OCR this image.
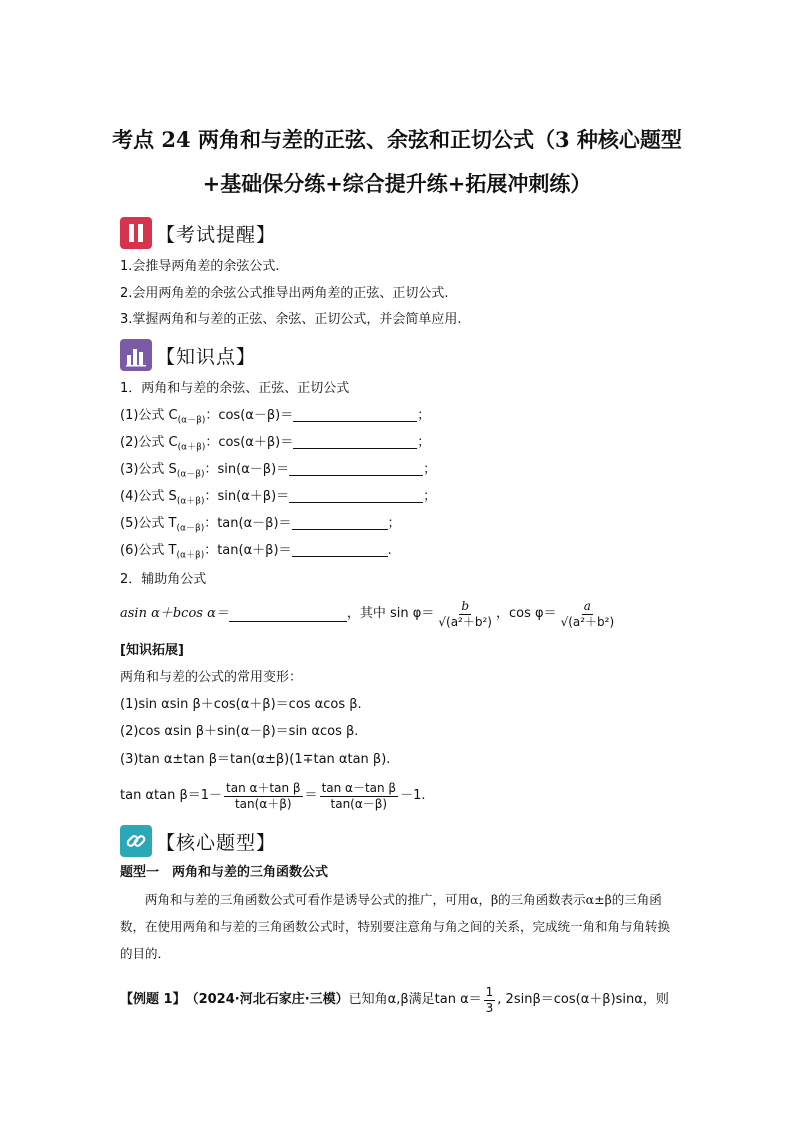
考点 24 两角和与差的正弦、余弦和正切公式（3 种核心题型
+基础保分练+综合提升练+拓展冲刺练）
【考试提醒】
1.会推导两角差的余弦公式.
2.会用两角差的余弦公式推导出两角差的正弦、正切公式.
3.掌握两角和与差的正弦、余弦、正切公式，并会简单应用.
【知识点】
1．两角和与差的余弦、正弦、正切公式
(1)公式 $C_{(\alpha-\beta)}$：cos(α－β)＝	；
(2)公式 $C_{(\alpha+\beta)}$：cos(α＋β)＝	；
(3)公式 $S_{(\alpha-\beta)}$：sin(α－β)＝	；
(4)公式 $S_{(\alpha+\beta)}$：sin(α＋β)＝	；
(5)公式 $T_{(\alpha-\beta)}$：tan(α－β)＝	；
(6)公式 $T_{(\alpha+\beta)}$：tan(α＋β)＝	.
2．辅助角公式
asin α＋bcos α＝	，其中 $\sin \varphi= \frac{b}{\text{√(a²＋b²)}}$ ，$\cos \varphi= \frac{a}{\text{√(a²＋b²)}}$
[知识拓展]
两角和与差的公式的常用变形：
(1)sin αsin β＋cos(α＋β)＝cos αcos β.
(2)cos αsin β＋sin(α－β)＝sin αcos β.
(3)tan α±tan β＝tan(α±β)(1∓tan αtan β).
tan αtan $\beta=1- \frac{\text{tan α＋tan β}}{\tan(\alpha+\beta)} = \frac{\text{tan α－tan β}}{\tan(\alpha-\beta)} -1$.
【核心题型】
题型一　两角和与差的三角函数公式
两角和与差的三角函数公式可看作是诱导公式的推广，可用α，β的三角函数表示α±β的三角函数，在使用两角和与差的三角函数公式时，特别要注意角与角之间的关系，完成统一角和角与角转换的目的．
【例题 1】 （2024·河北石家庄·三模） 已知角α,β满足$\tan \alpha= \frac{1}{3}$ , 2sinβ＝cos(α＋β)sinα，则
